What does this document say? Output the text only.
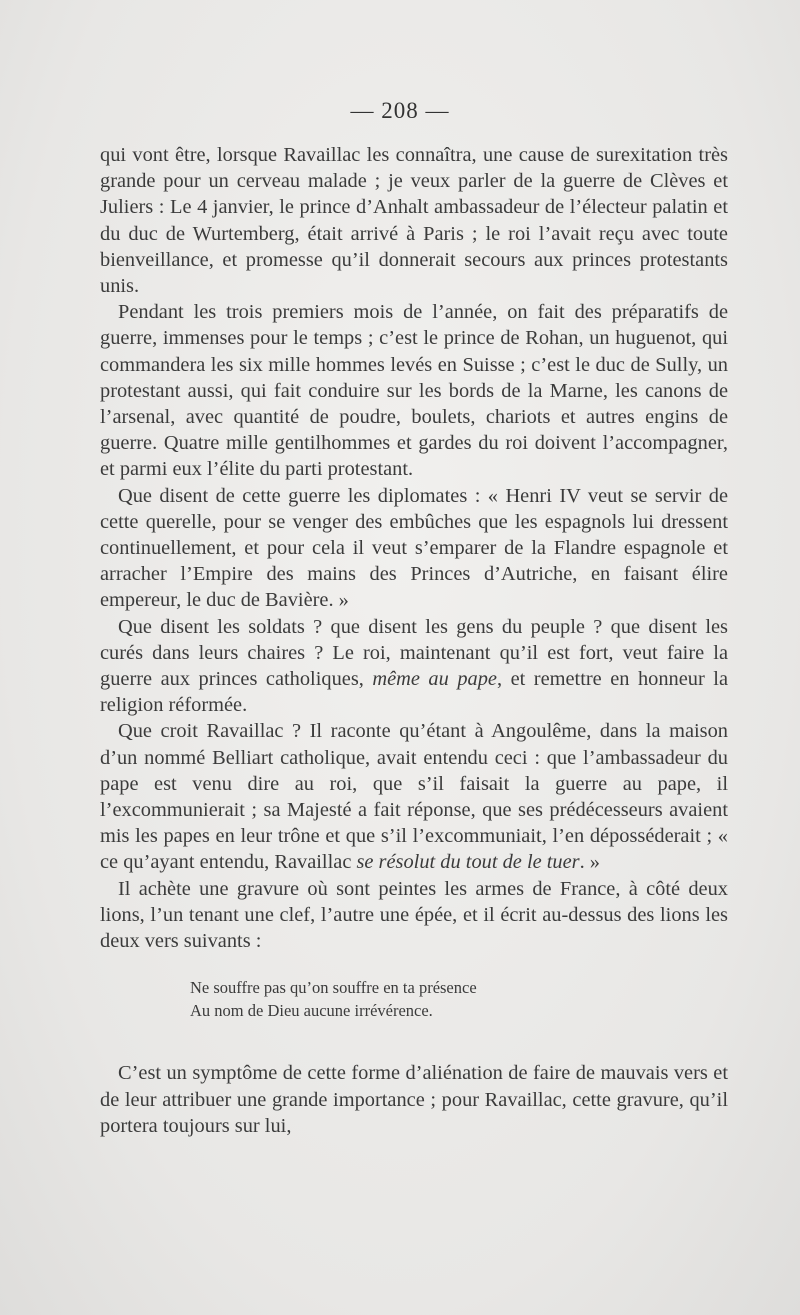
— 208 —

qui vont être, lorsque Ravaillac les connaîtra, une cause de surexitation très grande pour un cerveau malade ; je veux parler de la guerre de Clèves et Juliers : Le 4 janvier, le prince d’Anhalt ambassadeur de l’électeur palatin et du duc de Wurtemberg, était arrivé à Paris ; le roi l’avait reçu avec toute bienveillance, et promesse qu’il donnerait secours aux princes protestants unis.

Pendant les trois premiers mois de l’année, on fait des préparatifs de guerre, immenses pour le temps ; c’est le prince de Rohan, un huguenot, qui commandera les six mille hommes levés en Suisse ; c’est le duc de Sully, un protestant aussi, qui fait conduire sur les bords de la Marne, les canons de l’arsenal, avec quantité de poudre, boulets, chariots et autres engins de guerre. Quatre mille gentilhommes et gardes du roi doivent l’accompagner, et parmi eux l’élite du parti protestant.

Que disent de cette guerre les diplomates : « Henri IV veut se servir de cette querelle, pour se venger des embûches que les espagnols lui dressent continuellement, et pour cela il veut s’emparer de la Flandre espagnole et arracher l’Empire des mains des Princes d’Autriche, en faisant élire empereur, le duc de Bavière. »

Que disent les soldats ? que disent les gens du peuple ? que disent les curés dans leurs chaires ? Le roi, maintenant qu’il est fort, veut faire la guerre aux princes catholiques, même au pape, et remettre en honneur la religion réformée.

Que croit Ravaillac ? Il raconte qu’étant à Angoulême, dans la maison d’un nommé Belliart catholique, avait entendu ceci : que l’ambassadeur du pape est venu dire au roi, que s’il faisait la guerre au pape, il l’excommunierait ; sa Majesté a fait réponse, que ses prédécesseurs avaient mis les papes en leur trône et que s’il l’excommuniait, l’en déposséderait ; « ce qu’ayant entendu, Ravaillac se résolut du tout de le tuer. »

Il achète une gravure où sont peintes les armes de France, à côté deux lions, l’un tenant une clef, l’autre une épée, et il écrit au-dessus des lions les deux vers suivants :

Ne souffre pas qu’on souffre en ta présence
Au nom de Dieu aucune irrévérence.

C’est un symptôme de cette forme d’aliénation de faire de mauvais vers et de leur attribuer une grande importance ; pour Ravaillac, cette gravure, qu’il portera toujours sur lui,
